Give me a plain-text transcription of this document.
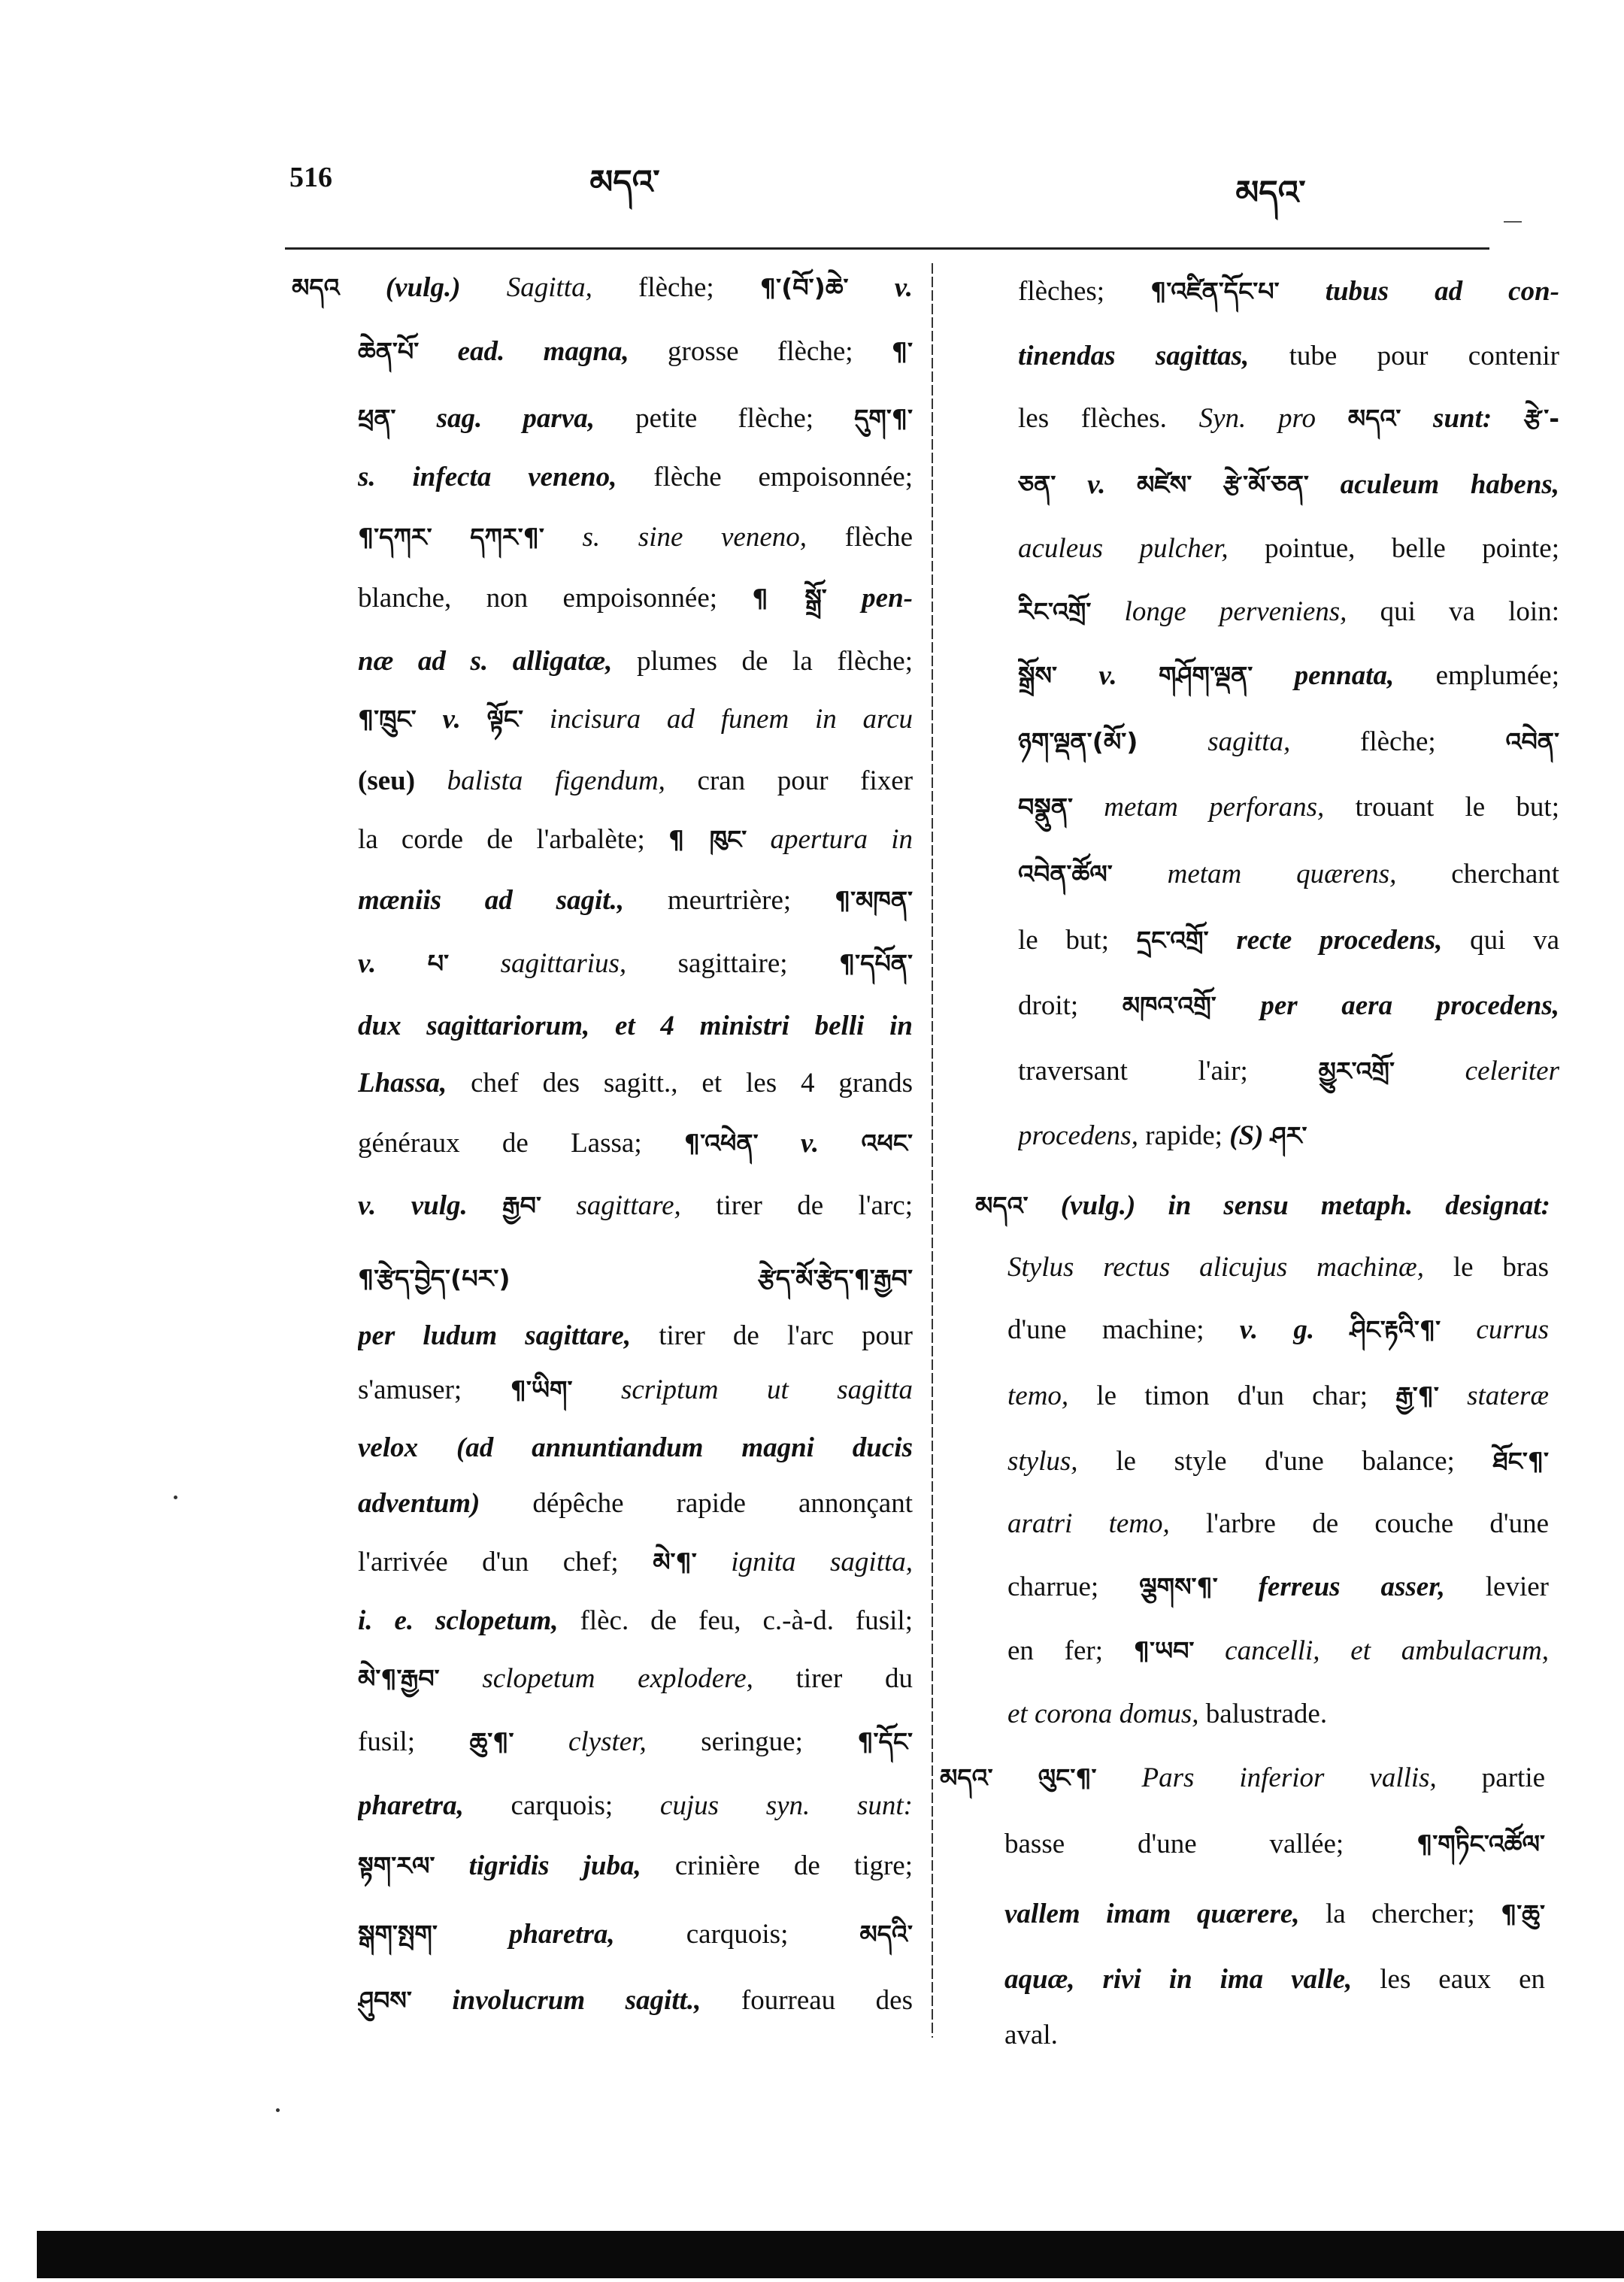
516	མདའ་	མདའ་
མདའ (vulg.) Sagitta, flèche; ¶་(བོ་)ཆེ་ v.
ཆེན་པོ་ ead. magna, grosse flèche; ¶་
ཕྲན་ sag. parva, petite flèche; དུག་¶་
s. infecta veneno, flèche empoisonnée;
¶་དཀར་ དཀར་¶་ s. sine veneno, flèche
blanche, non empoisonnée; ¶ སྒྲོ་ pen-
næ ad s. alligatæ, plumes de la flèche;
¶་ཁྲུང་ v. ལྟོང་ incisura ad funem in arcu
(seu) balista figendum, cran pour fixer
la corde de l'arbalète; ¶ ཁུང་ apertura in
mæniis ad sagit., meurtrière; ¶་མཁན་
v. པ་ sagittarius, sagittaire; ¶་དཔོན་
dux sagittariorum, et 4 ministri belli in
Lhassa, chef des sagitt., et les 4 grands
généraux de Lassa; ¶་འཕེན་ v. འཕང་
v. vulg. རྒྱབ་ sagittare, tirer de l'arc;
¶་རྩེད་བྱེད་(པར་)	རྩེད་མོ་རྩེད་¶་རྒྱབ་
per ludum sagittare, tirer de l'arc pour
s'amuser; ¶་ཡིག་ scriptum ut sagitta
velox (ad annuntiandum magni ducis
adventum) dépêche rapide annonçant
l'arrivée d'un chef; མེ་¶་ ignita sagitta,
i. e. sclopetum, flèc. de feu, c.-à-d. fusil;
མེ་¶་རྒྱབ་ sclopetum explodere, tirer du
fusil; ཆུ་¶་ clyster, seringue; ¶་དོང་
pharetra, carquois; cujus syn. sunt:
སྟག་རལ་ tigridis juba, crinière de tigre;
སྒག་སྤག་	pharetra,	carquois;	མདའི་
ཤུབས་ involucrum sagitt., fourreau des
flèches; ¶་འཛིན་དོང་པ་ tubus ad con-
tinendas sagittas, tube pour contenir
les flèches. Syn. pro མདའ་ sunt: རྩེ་-
ཅན་ v. མཛེས་ རྩེ་མོ་ཅན་ aculeum habens,
aculeus pulcher, pointue, belle pointe;
རིང་འགྲོ་ longe perveniens, qui va loin:
སྒྲོས་ v. གཤོག་ལྡན་ pennata, emplumée;
ཉག་ལྡན་(མོ་)	sagitta,	flèche;	འབེན་
བསྣུན་ metam perforans, trouant le but;
འབེན་ཚོལ་ metam quærens, cherchant
le but; དྲང་འགྲོ་ recte procedens, qui va
droit; མཁའ་འགྲོ་ per aera procedens,
traversant l'air;	མྱུར་འགྲོ་	celeriter
procedens, rapide; (S) ཤར་
མདའ་ (vulg.) in sensu metaph. designat:
Stylus rectus alicujus machinæ, le bras
d'une machine; v. g. ཤིང་རྟའི་¶་ currus
temo, le timon d'un char; རྒྱ་¶་ stateræ
stylus, le style d'une balance; ཐོང་¶་
aratri temo, l'arbre de couche d'une
charrue; ལྕགས་¶་ ferreus asser, levier
en fer; ¶་ཡབ་ cancelli, et ambulacrum,
et corona domus, balustrade.
མདའ་ ལུང་¶་ Pars inferior vallis, partie
basse d'une vallée;	¶་གཏིང་འཚོལ་
vallem imam quærere, la chercher; ¶་ཆུ་
aquæ, rivi in ima valle, les eaux en
aval.
